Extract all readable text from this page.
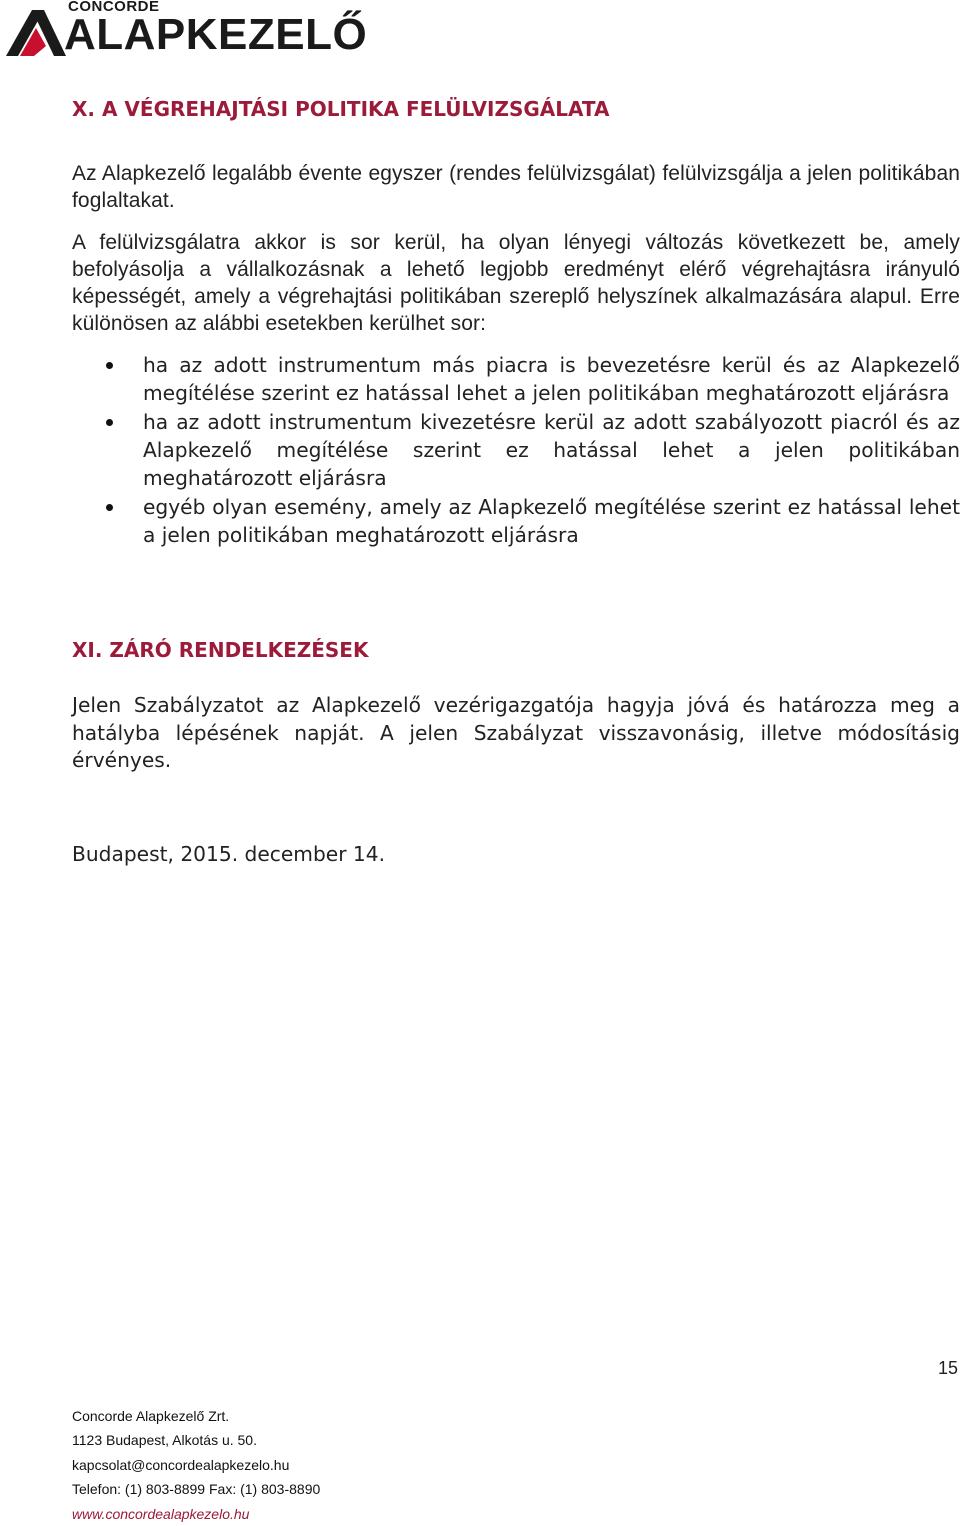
CONCORDE
ALAPKEZELŐ
X. A VÉGREHAJTÁSI POLITIKA FELÜLVIZSGÁLATA

Az Alapkezelő legalább évente egyszer (rendes felülvizsgálat) felülvizsgálja a jelen politikában foglaltakat.

A felülvizsgálatra akkor is sor kerül, ha olyan lényegi változás következett be, amely befolyásolja a vállalkozásnak a lehető legjobb eredményt elérő végrehajtásra irányuló képességét, amely a végrehajtási politikában szereplő helyszínek alkalmazására alapul. Erre különösen az alábbi esetekben kerülhet sor:

ha az adott instrumentum más piacra is bevezetésre kerül és az Alapkezelő megítélése szerint ez hatással lehet a jelen politikában meghatározott eljárásra
ha az adott instrumentum kivezetésre kerül az adott szabályozott piacról és az Alapkezelő megítélése szerint ez hatással lehet a jelen politikában meghatározott eljárásra
egyéb olyan esemény, amely az Alapkezelő megítélése szerint ez hatással lehet a jelen politikában meghatározott eljárásra
XI. ZÁRÓ RENDELKEZÉSEK

Jelen Szabályzatot az Alapkezelő vezérigazgatója hagyja jóvá és határozza meg a hatályba lépésének napját. A jelen Szabályzat visszavonásig, illetve módosításig érvényes.

Budapest, 2015. december 14.
15
Concorde Alapkezelő Zrt.
1123 Budapest, Alkotás u. 50.
kapcsolat@concordealapkezelo.hu
Telefon: (1) 803-8899 Fax: (1) 803-8890
www.concordealapkezelo.hu
